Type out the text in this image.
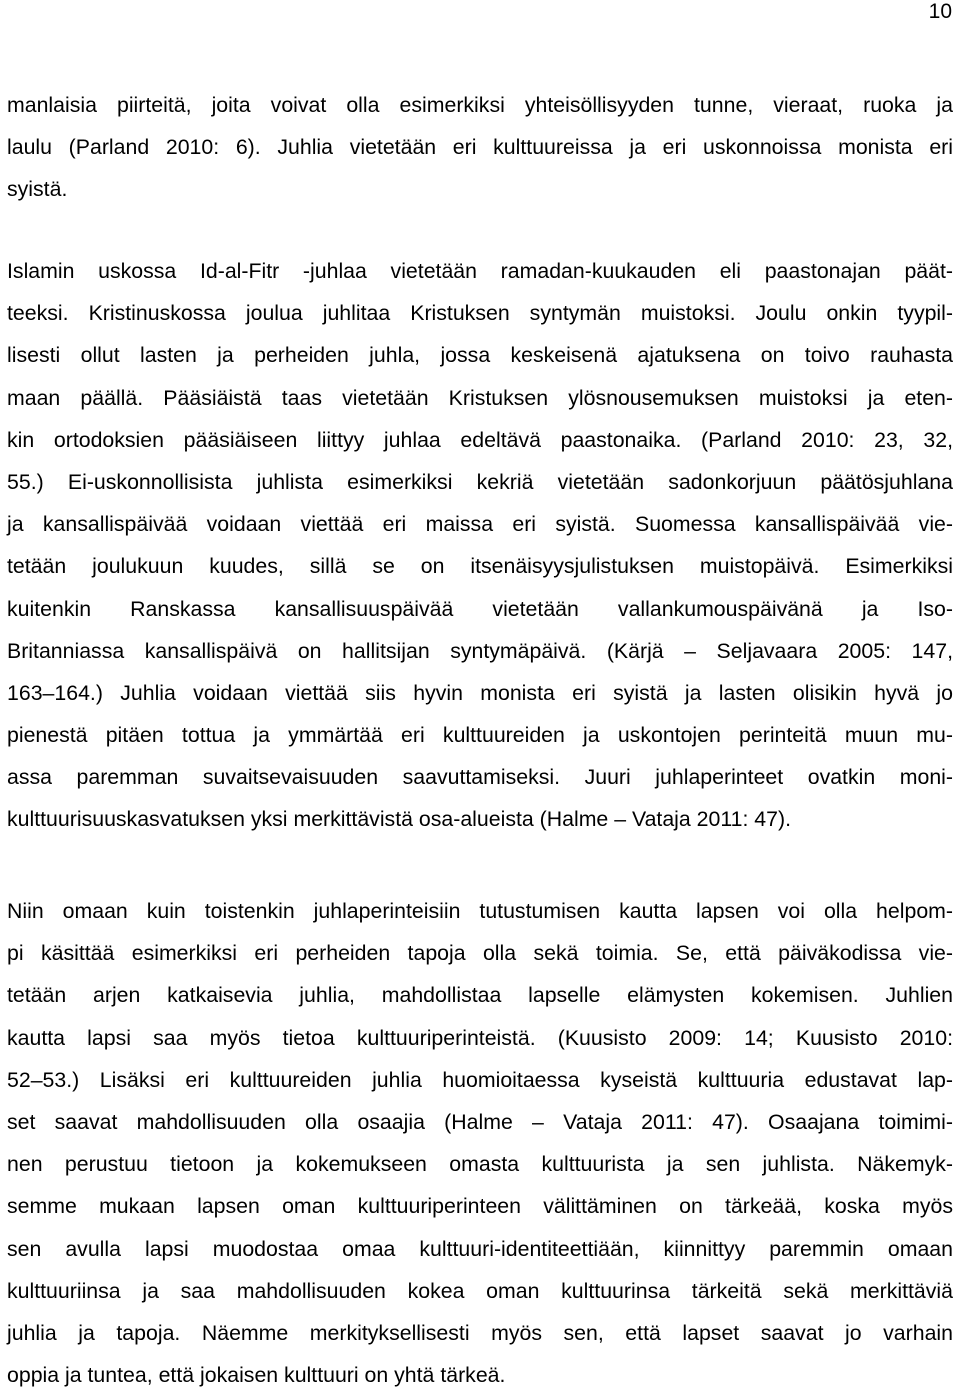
10
manlaisia piirteitä, joita voivat olla esimerkiksi yhteisöllisyyden tunne, vieraat, ruoka ja
laulu (Parland 2010: 6). Juhlia vietetään eri kulttuureissa ja eri uskonnoissa monista eri
syistä.
Islamin uskossa Id-al-Fitr -juhlaa vietetään ramadan-kuukauden eli paastonajan päät-
teeksi. Kristinuskossa joulua juhlitaa Kristuksen syntymän muistoksi. Joulu onkin tyypil-
lisesti ollut lasten ja perheiden juhla, jossa keskeisenä ajatuksena on toivo rauhasta
maan päällä. Pääsiäistä taas vietetään Kristuksen ylösnousemuksen muistoksi ja eten-
kin ortodoksien pääsiäiseen liittyy juhlaa edeltävä paastonaika. (Parland 2010: 23, 32,
55.) Ei-uskonnollisista juhlista esimerkiksi kekriä vietetään sadonkorjuun päätösjuhlana
ja kansallispäivää voidaan viettää eri maissa eri syistä. Suomessa kansallispäivää vie-
tetään joulukuun kuudes, sillä se on itsenäisyysjulistuksen muistopäivä. Esimerkiksi
kuitenkin Ranskassa kansallisuuspäivää vietetään vallankumouspäivänä ja Iso-
Britanniassa kansallispäivä on hallitsijan syntymäpäivä. (Kärjä – Seljavaara 2005: 147,
163–164.) Juhlia voidaan viettää siis hyvin monista eri syistä ja lasten olisikin hyvä jo
pienestä pitäen tottua ja ymmärtää eri kulttuureiden ja uskontojen perinteitä muun mu-
assa paremman suvaitsevaisuuden saavuttamiseksi. Juuri juhlaperinteet ovatkin moni-
kulttuurisuuskasvatuksen yksi merkittävistä osa-alueista (Halme – Vataja 2011: 47).
Niin omaan kuin toistenkin juhlaperinteisiin tutustumisen kautta lapsen voi olla helpom-
pi käsittää esimerkiksi eri perheiden tapoja olla sekä toimia. Se, että päiväkodissa vie-
tetään arjen katkaisevia juhlia, mahdollistaa lapselle elämysten kokemisen. Juhlien
kautta lapsi saa myös tietoa kulttuuriperinteistä. (Kuusisto 2009: 14; Kuusisto 2010:
52–53.) Lisäksi eri kulttuureiden juhlia huomioitaessa kyseistä kulttuuria edustavat lap-
set saavat mahdollisuuden olla osaajia (Halme – Vataja 2011: 47). Osaajana toimimi-
nen perustuu tietoon ja kokemukseen omasta kulttuurista ja sen juhlista. Näkemyk-
semme mukaan lapsen oman kulttuuriperinteen välittäminen on tärkeää, koska myös
sen avulla lapsi muodostaa omaa kulttuuri-identiteettiään, kiinnittyy paremmin omaan
kulttuuriinsa ja saa mahdollisuuden kokea oman kulttuurinsa tärkeitä sekä merkittäviä
juhlia ja tapoja. Näemme merkityksellisesti myös sen, että lapset saavat jo varhain
oppia ja tuntea, että jokaisen kulttuuri on yhtä tärkeä.
